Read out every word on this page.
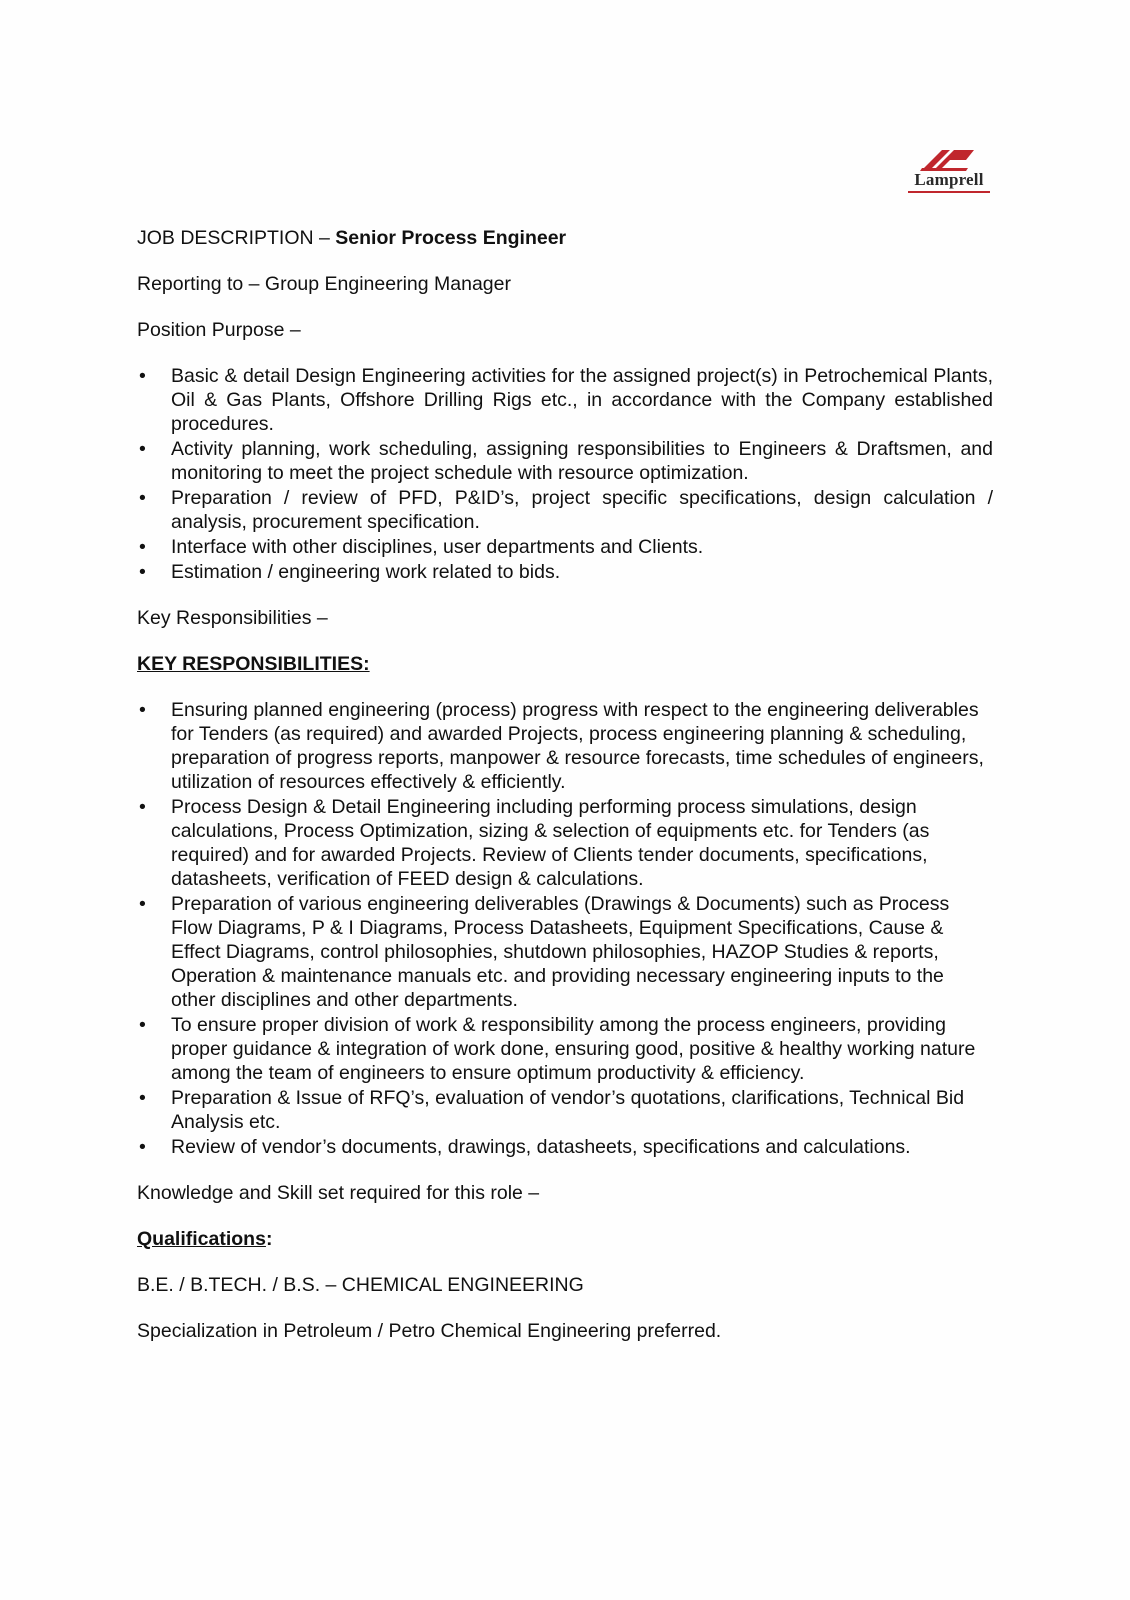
Lamprell

JOB DESCRIPTION – Senior Process Engineer

Reporting to – Group Engineering Manager

Position Purpose –

• Basic & detail Design Engineering activities for the assigned project(s) in Petrochemical Plants, Oil & Gas Plants, Offshore Drilling Rigs etc., in accordance with the Company established procedures.
• Activity planning, work scheduling, assigning responsibilities to Engineers & Draftsmen, and monitoring to meet the project schedule with resource optimization.
• Preparation / review of PFD, P&ID’s, project specific specifications, design calculation / analysis, procurement specification.
• Interface with other disciplines, user departments and Clients.
• Estimation / engineering work related to bids.

Key Responsibilities –

KEY RESPONSIBILITIES:

• Ensuring planned engineering (process) progress with respect to the engineering deliverables for Tenders (as required) and awarded Projects, process engineering planning & scheduling, preparation of progress reports, manpower & resource forecasts, time schedules of engineers, utilization of resources effectively & efficiently.
• Process Design & Detail Engineering including performing process simulations, design calculations, Process Optimization, sizing & selection of equipments etc. for Tenders (as required) and for awarded Projects. Review of Clients tender documents, specifications, datasheets, verification of FEED design & calculations.
• Preparation of various engineering deliverables (Drawings & Documents) such as Process Flow Diagrams, P & I Diagrams, Process Datasheets, Equipment Specifications, Cause & Effect Diagrams, control philosophies, shutdown philosophies, HAZOP Studies & reports, Operation & maintenance manuals etc. and providing necessary engineering inputs to the other disciplines and other departments.
• To ensure proper division of work & responsibility among the process engineers, providing proper guidance & integration of work done, ensuring good, positive & healthy working nature among the team of engineers to ensure optimum productivity & efficiency.
• Preparation & Issue of RFQ’s, evaluation of vendor’s quotations, clarifications, Technical Bid Analysis etc.
• Review of vendor’s documents, drawings, datasheets, specifications and calculations.

Knowledge and Skill set required for this role –

Qualifications:

B.E. / B.TECH. / B.S. – CHEMICAL ENGINEERING

Specialization in Petroleum / Petro Chemical Engineering preferred.
